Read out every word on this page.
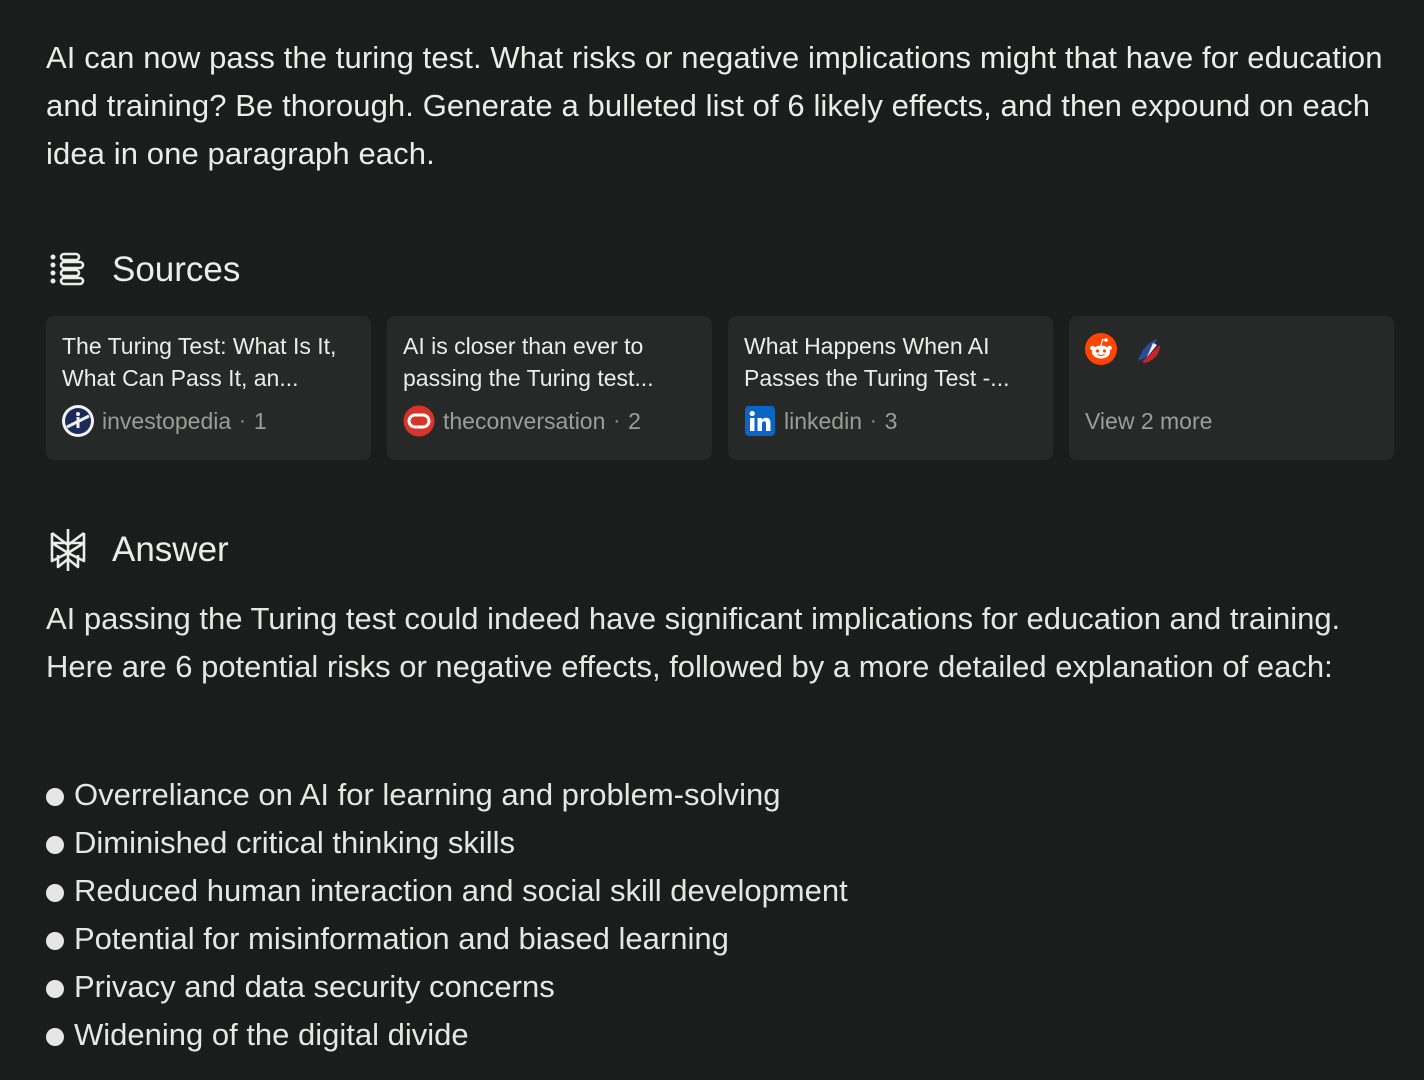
AI can now pass the turing test. What risks or negative implications might that have for education and training? Be thorough. Generate a bulleted list of 6 likely effects, and then expound on each idea in one paragraph each.

Sources
The Turing Test: What Is It, What Can Pass It, an...
investopedia · 1
AI is closer than ever to passing the Turing test...
theconversation · 2
What Happens When AI Passes the Turing Test -...
linkedin · 3	View 2 more
Answer

AI passing the Turing test could indeed have significant implications for education and training. Here are 6 potential risks or negative effects, followed by a more detailed explanation of each:

Overreliance on AI for learning and problem-solving
Diminished critical thinking skills
Reduced human interaction and social skill development
Potential for misinformation and biased learning
Privacy and data security concerns
Widening of the digital divide
